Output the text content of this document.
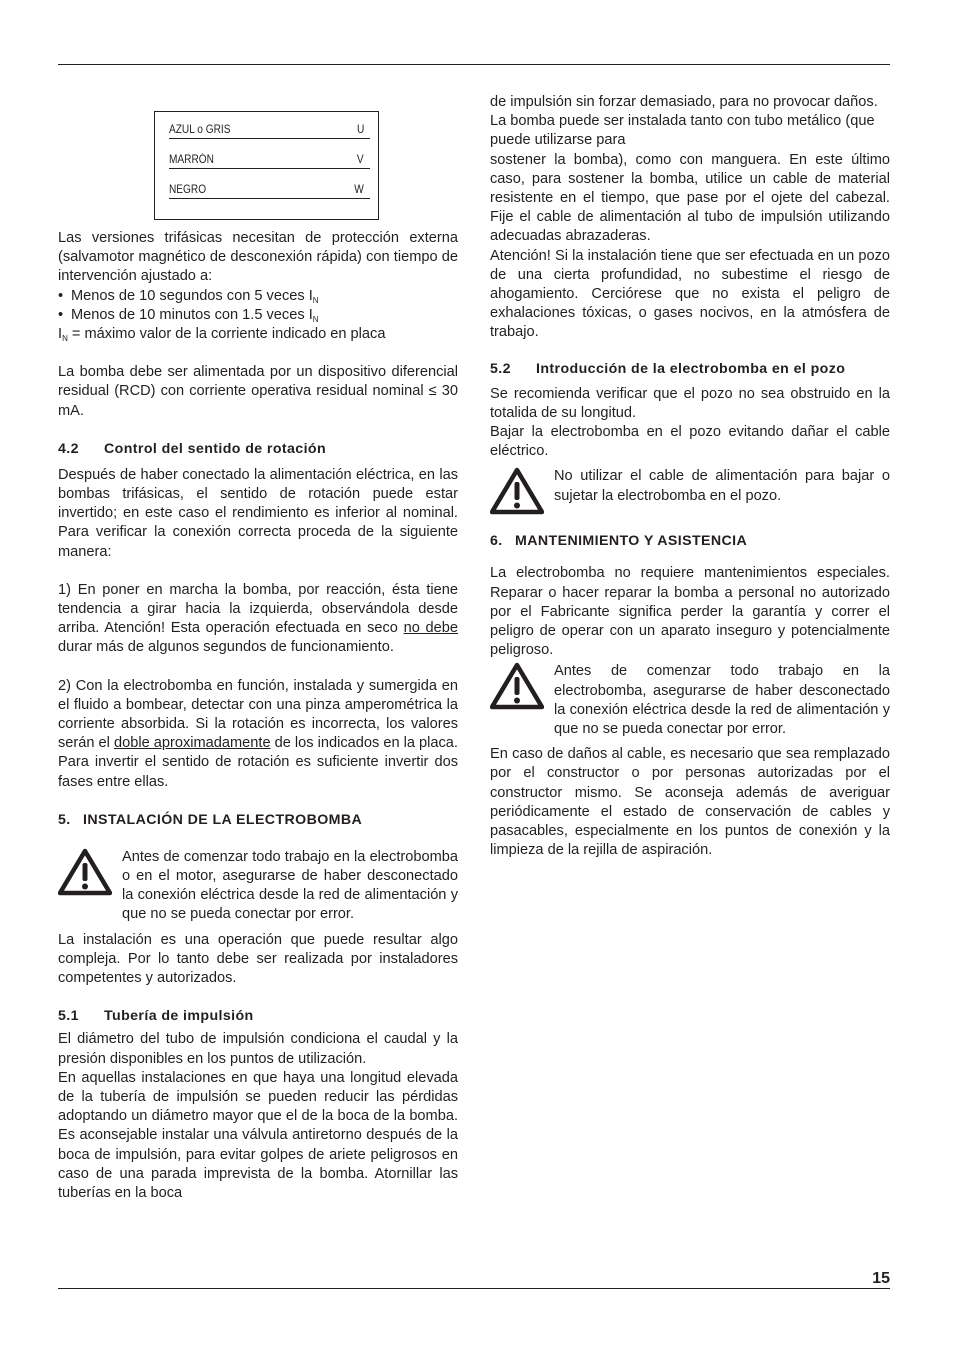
AZUL o GRIS	U
MARRÓN	V
NEGRO	W

Las versiones trifásicas necesitan de protección externa (salvamotor magnético de desconexión rápida) con tiempo de intervención ajustado a:

• Menos de 10 segundos con 5 veces $I_N$
• Menos de 10 minutos con 1.5 veces $I_N$

$I_N$ = máximo valor de la corriente indicado en placa

La bomba debe ser alimentada por un dispositivo diferencial residual (RCD) con corriente operativa residual nominal ≤ 30 mA.

4.2 Control del sentido de rotación

Después de haber conectado la alimentación eléctrica, en las bombas trifásicas, el sentido de rotación puede estar invertido; en este caso el rendimiento es inferior al nominal. Para verificar la conexión correcta proceda de la siguiente manera:

1) En poner en marcha la bomba, por reacción, ésta tiene tendencia a girar hacia la izquierda, observándola desde arriba. Atención! Esta operación efectuada en seco no debe durar más de algunos segundos de funcionamiento.

2) Con la electrobomba en función, instalada y sumergida en el fluido a bombear, detectar con una pinza amperométrica la corriente absorbida. Si la rotación es incorrecta, los valores serán el doble aproximadamente de los indicados en la placa. Para invertir el sentido de rotación es suficiente invertir dos fases entre ellas.

5. INSTALACIÓN DE LA ELECTROBOMBA

Antes de comenzar todo trabajo en la electrobomba o en el motor, asegurarse de haber desconectado la conexión eléctrica desde la red de alimentación y que no se pueda conectar por error.

La instalación es una operación que puede resultar algo compleja. Por lo tanto debe ser realizada por instaladores competentes y autorizados.

5.1 Tubería de impulsión

El diámetro del tubo de impulsión condiciona el caudal y la presión disponibles en los puntos de utilización.

En aquellas instalaciones en que haya una longitud elevada de la tubería de impulsión se pueden reducir las pérdidas adoptando un diámetro mayor que el de la boca de la bomba. Es aconsejable instalar una válvula antiretorno después de la boca de impulsión, para evitar golpes de ariete peligrosos en caso de una parada imprevista de la bomba. Atornillar las tuberías en la boca

de impulsión sin forzar demasiado, para no provocar daños. La bomba puede ser instalada tanto con tubo metálico (que puede utilizarse para

sostener la bomba), como con manguera. En este último caso, para sostener la bomba, utilice un cable de material resistente en el tiempo, que pase por el ojete del cabezal. Fije el cable de alimentación al tubo de impulsión utilizando adecuadas abrazaderas.

Atención! Si la instalación tiene que ser efectuada en un pozo de una cierta profundidad, no subestime el riesgo de ahogamiento. Cerciórese que no exista el peligro de exhalaciones tóxicas, o gases nocivos, en la atmósfera de trabajo.

5.2	Introducción de la electrobomba en el pozo

Se recomienda verificar que el pozo no sea obstruido en la totalida de su longitud.

Bajar la electrobomba en el pozo evitando dañar el cable eléctrico.

No utilizar el cable de alimentación para bajar o sujetar la electrobomba en el pozo.

6. MANTENIMIENTO Y ASISTENCIA

La electrobomba no requiere mantenimientos especiales. Reparar o hacer reparar la bomba a personal no autorizado por el Fabricante significa perder la garantía y correr el peligro de operar con un aparato inseguro y potencialmente peligroso.

Antes de comenzar todo trabajo en la electrobomba, asegurarse de haber desconectado la conexión eléctrica desde la red de alimentación y que no se pueda conectar por error.

En caso de daños al cable, es necesario que sea remplazado por el constructor o por personas autorizadas por el constructor mismo. Se aconseja además de averiguar periódicamente el estado de conservación de cables y pasacables, especialmente en los puntos de conexión y la limpieza de la rejilla de aspiración.

15
